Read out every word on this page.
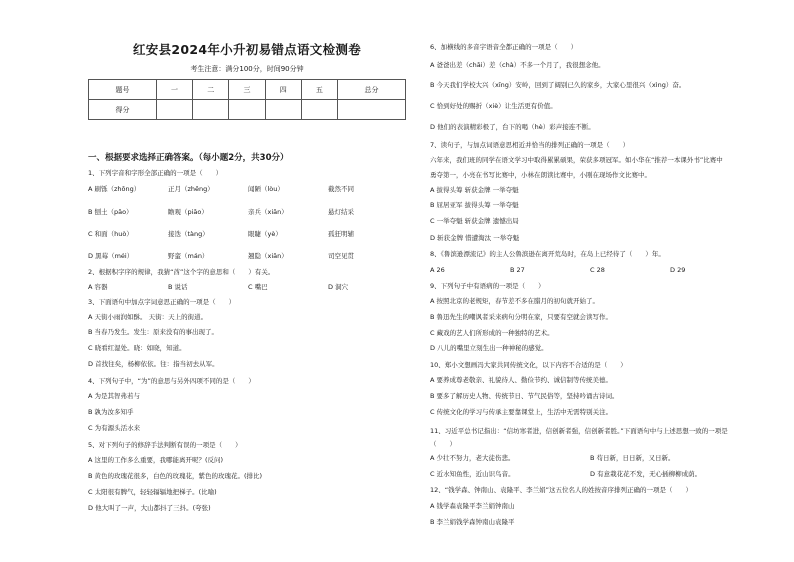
红安县2024年小升初易错点语文检测卷
考生注意：满分100分，时间90分钟
题号	一	二	三	四	五	总分
得分						
一、根据要求选择正确答案。（每小题2分，共30分）
1、下列字音和字形全部正确的一项是（　　）
A 刷铄（zhōng）	正月（zhēng）	闻陋（lòu）	截然不同
B 刨土（pāo）	瞻观（piāo）	亲兵（xiān）	悬灯结采
C 和面（huò）	接迭（tàng）	眼睫（yè）	孤狂明辅
D 黑莓（méi）	野蛮（mán）	翘隐（xiān）	司空见贯
2、根据积字序的规律，我猜“酋”这个字的意思和（　　）有关。
A 容器	B 说话	C 嘴巴	D 洞穴
3、下面语句中加点字词意思正确的一项是（　　）
A 天街小雨润如酥。 天街：天上的街道。
B 当春乃发生。发生：原来没有的事出现了。
C 晓看红湿处。晓：如晓，知道。
D 首找往矣，杨柳依依。往：指当初去从军。
4、下列句子中，“为”的意思与另外四项不同的是（　　）
A 为是其智弗若与
B 孰为汝多知乎
C 为有源头活水来
5、对下列句子的修辞手法判断有误的一项是（　　）
A 这里的工作多么重要，我哪能离开呢？(反问)
B 黄色的玫瑰花很多，白色的玫瑰花，紫色的玫瑰花。(排比)
C 太阳很有脾气，轻轻辐辐地把梯子。(比喻)
D 他大叫了一声，大山都抖了三抖。(夸张)
6、加横线的多音字语音全都正确的一项是（　　）
A 爸爸出差（chāi）差（chà）不多一个月了，我很想念他。
B 今天我们学校大兴（xīng）安岭，回到了阔别已久的家乡，大家心里很兴（xìng）奋。
C 恰到好处的赐折（xiè）让生活更有价值。
D 他们的表演精彩极了，台下的喝（hè）彩声接连不断。
7、读句子，与加点词语意思相近并恰当的排列正确的一项是（　　）
六年来，我们班的同学在语文学习中取得累累硕果，荣获多项冠军。如小华在“推荐一本课外书”比赛中
勇夺第一，小亮在书写比赛中，小林在朗读比赛中，小刚在现场作文比赛中。
A 拔得头筹 斩获金牌 一举夺魁
B 屈居亚军 拔得头筹 一举夺魁
C 一举夺魁 斩获金牌 遗憾出局
D 斩获金牌 惜遭淘汰 一举夺魁
8、《鲁滨逊漂流记》的主人公鲁滨逊在离开荒岛时，在岛上已经待了（　　）年。
A 26	B 27	C 28	D 29
9、下列句子中有语病的一项是（　　）
A 按照北京的老规矩，春节差不多在腊月的初旬就开始了。
B 鲁迅先生的嘲讽者采来病句分明在家，只要有空就会读写作。
C 藏戏的艺人们所形成的一种独特的艺术。
D 八儿的嘴里立刻生出一种神秘的感觉。
10、郑小文想画冯大家共同传统文化，以下内容不合适的是（　　）
A 要养成尊老敬亲、礼貌待人、勤俭节约、诚信制等传统美德。
B 要多了解历史人物、传统节日、节气民俗等，坚持吟诵古诗词。
C 传统文化的学习与传承主要靠课堂上，生活中无需特别关注。
11、习近平总书记指出：“信坊寒者进，信创新者强，信创新者胜。”下面语句中与上述思想一致的一项是（　　）
A 少壮不努力，老大徒伤悲。	B 苟日新，日日新，又日新。
C 近水知鱼性，近山识鸟音。	D 有意栽花花不发，无心插柳柳成荫。
12、“钱学森、钟南山、袁隆平、李兰娟”这五位名人的姓按音序排列正确的一项是（　　）
A 钱学森袁隆平李兰娟钟南山
B 李兰娟钱学森钟南山袁隆平
